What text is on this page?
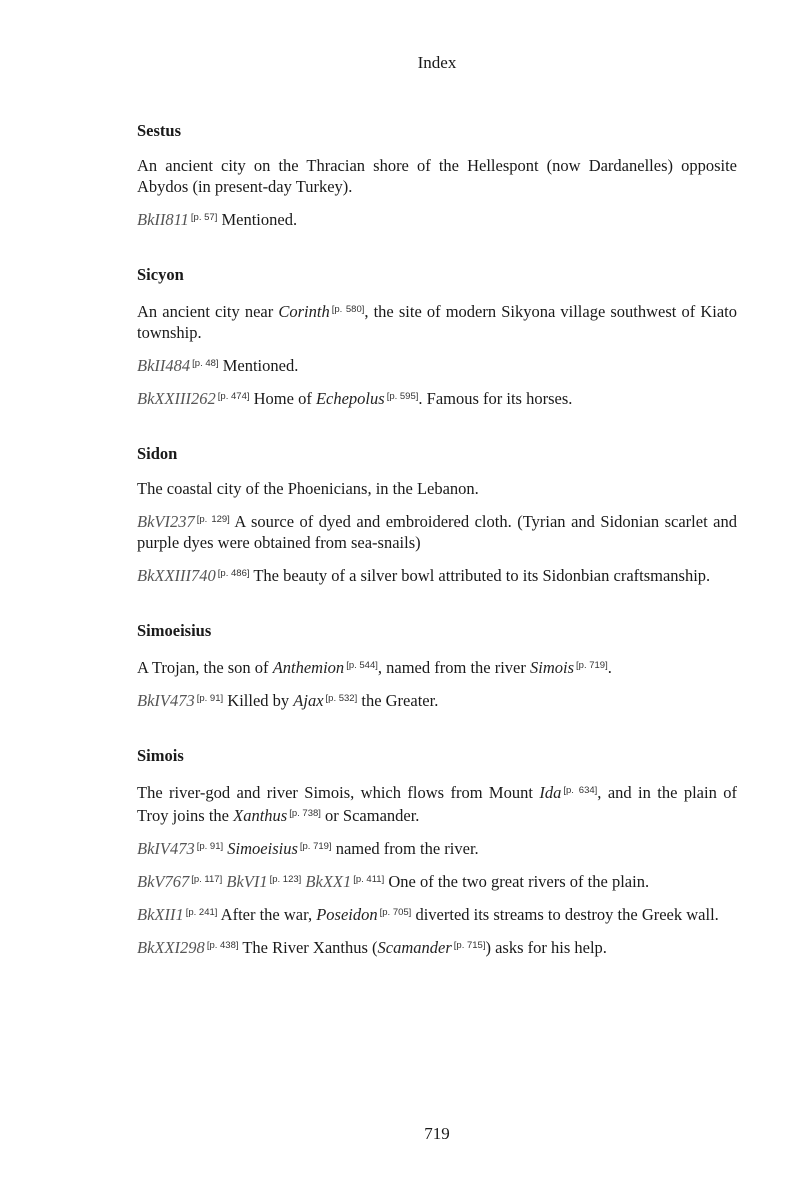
Index
Sestus

An ancient city on the Thracian shore of the Hellespont (now Dardanelles) opposite Abydos (in present-day Turkey).

BkII811 [p. 57] Mentioned.

Sicyon

An ancient city near Corinth [p. 580], the site of modern Sikyona village southwest of Kiato township.

BkII484 [p. 48] Mentioned.

BkXXIII262 [p. 474] Home of Echepolus [p. 595]. Famous for its horses.

Sidon

The coastal city of the Phoenicians, in the Lebanon.

BkVI237 [p. 129] A source of dyed and embroidered cloth. (Tyrian and Sidonian scarlet and purple dyes were obtained from sea-snails)

BkXXIII740 [p. 486] The beauty of a silver bowl attributed to its Sidonbian craftsmanship.

Simoeisius

A Trojan, the son of Anthemion [p. 544], named from the river Simois [p. 719].

BkIV473 [p. 91] Killed by Ajax [p. 532] the Greater.

Simois

The river-god and river Simois, which flows from Mount Ida [p. 634], and in the plain of Troy joins the Xanthus [p. 738] or Scamander.

BkIV473 [p. 91] Simoeisius [p. 719] named from the river.

BkV767 [p. 117] BkVI1 [p. 123] BkXX1 [p. 411] One of the two great rivers of the plain.

BkXII1 [p. 241] After the war, Poseidon [p. 705] diverted its streams to destroy the Greek wall.

BkXXI298 [p. 438] The River Xanthus (Scamander [p. 715]) asks for his help.

719
